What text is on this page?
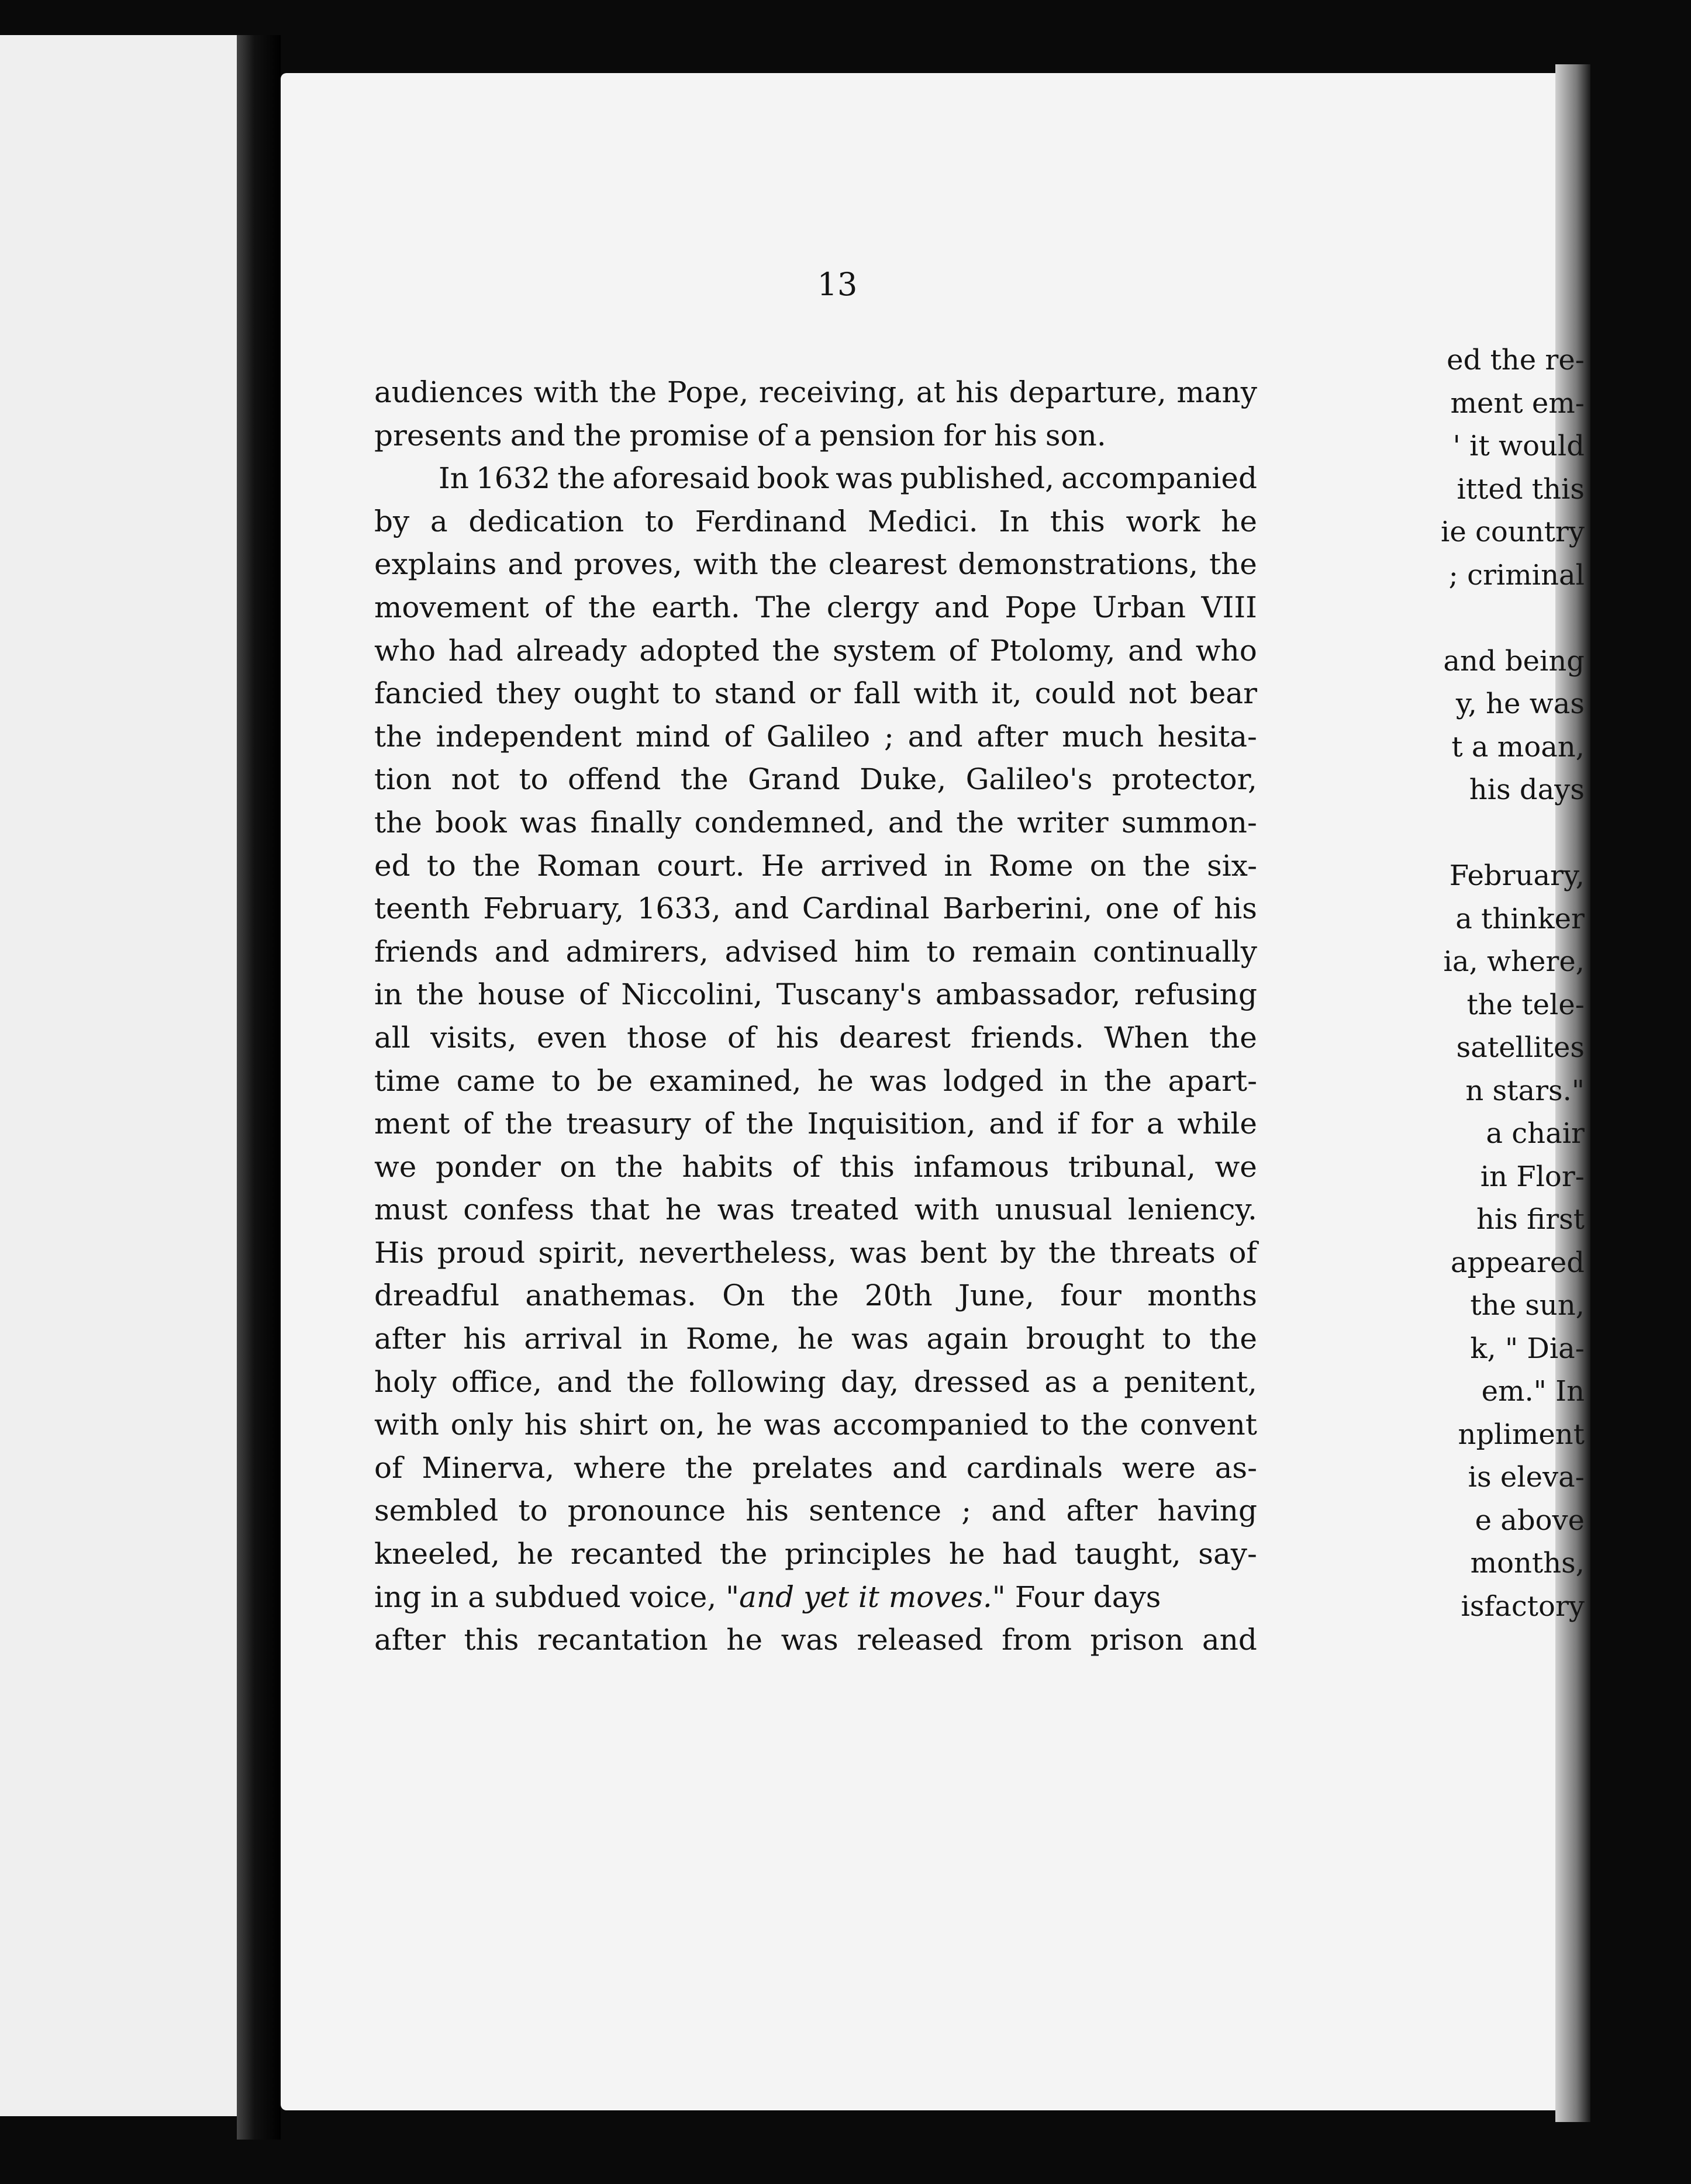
ed the re-
ment em-
' it would
itted this
ie country
; criminal
and being
y, he was
t a moan,
his days
February,
a thinker
ia, where,
the tele-
satellites
n stars."
a chair
in Flor-
his first
appeared
the sun,
k, " Dia-
em." In
npliment
is eleva-
e above
months,
isfactory
13
audiences with the Pope, receiving, at his departure, many
presents and the promise of a pension for his son.
In 1632 the aforesaid book was published, accompanied
by a dedication to Ferdinand Medici. In this work he
explains and proves, with the clearest demonstrations, the
movement of the earth. The clergy and Pope Urban VIII
who had already adopted the system of Ptolomy, and who
fancied they ought to stand or fall with it, could not bear
the independent mind of Galileo ; and after much hesita-
tion not to offend the Grand Duke, Galileo's protector,
the book was finally condemned, and the writer summon-
ed to the Roman court. He arrived in Rome on the six-
teenth February, 1633, and Cardinal Barberini, one of his
friends and admirers, advised him to remain continually
in the house of Niccolini, Tuscany's ambassador, refusing
all visits, even those of his dearest friends. When the
time came to be examined, he was lodged in the apart-
ment of the treasury of the Inquisition, and if for a while
we ponder on the habits of this infamous tribunal, we
must confess that he was treated with unusual leniency.
His proud spirit, nevertheless, was bent by the threats of
dreadful anathemas. On the 20th June, four months
after his arrival in Rome, he was again brought to the
holy office, and the following day, dressed as a penitent,
with only his shirt on, he was accompanied to the convent
of Minerva, where the prelates and cardinals were as-
sembled to pronounce his sentence ; and after having
kneeled, he recanted the principles he had taught, say-
ing in a subdued voice, "and yet it moves." Four days
after this recantation he was released from prison and
